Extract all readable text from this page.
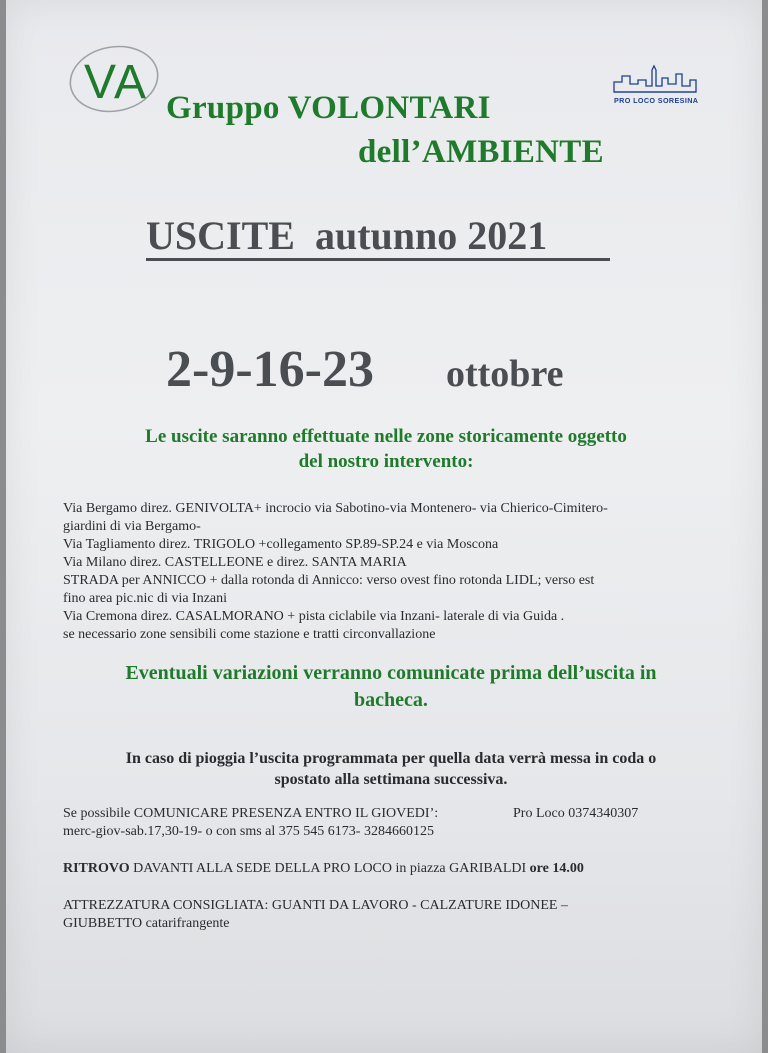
VA	PRO LOCO SORESINA
Gruppo VOLONTARI
dell’AMBIENTE
USCITE  autunno 2021
2-9-16-23 ottobre
Le uscite saranno effettuate nelle zone storicamente oggetto
del nostro intervento:
Via Bergamo direz. GENIVOLTA+ incrocio via Sabotino-via Montenero- via Chierico-Cimitero-
giardini di via Bergamo-
Via Tagliamento direz. TRIGOLO +collegamento SP.89-SP.24 e via Moscona
Via Milano direz. CASTELLEONE e direz. SANTA MARIA
STRADA per ANNICCO + dalla rotonda di Annicco: verso ovest fino rotonda LIDL; verso est
fino area pic.nic di via Inzani
Via Cremona direz. CASALMORANO + pista ciclabile via Inzani- laterale di via Guida .
se necessario zone sensibili come stazione e tratti circonvallazione
Eventuali variazioni verranno comunicate prima dell’uscita in
bacheca.
In caso di pioggia l’uscita programmata per quella data verrà messa in coda o
spostato alla settimana successiva.
Se possibile COMUNICARE PRESENZA ENTRO IL GIOVEDI’:	Pro Loco 0374340307
merc-giov-sab.17,30-19- o con sms al 375 545 6173- 3284660125
RITROVO DAVANTI ALLA SEDE DELLA PRO LOCO in piazza GARIBALDI ore 14.00
ATTREZZATURA CONSIGLIATA: GUANTI DA LAVORO - CALZATURE IDONEE –
GIUBBETTO catarifrangente
